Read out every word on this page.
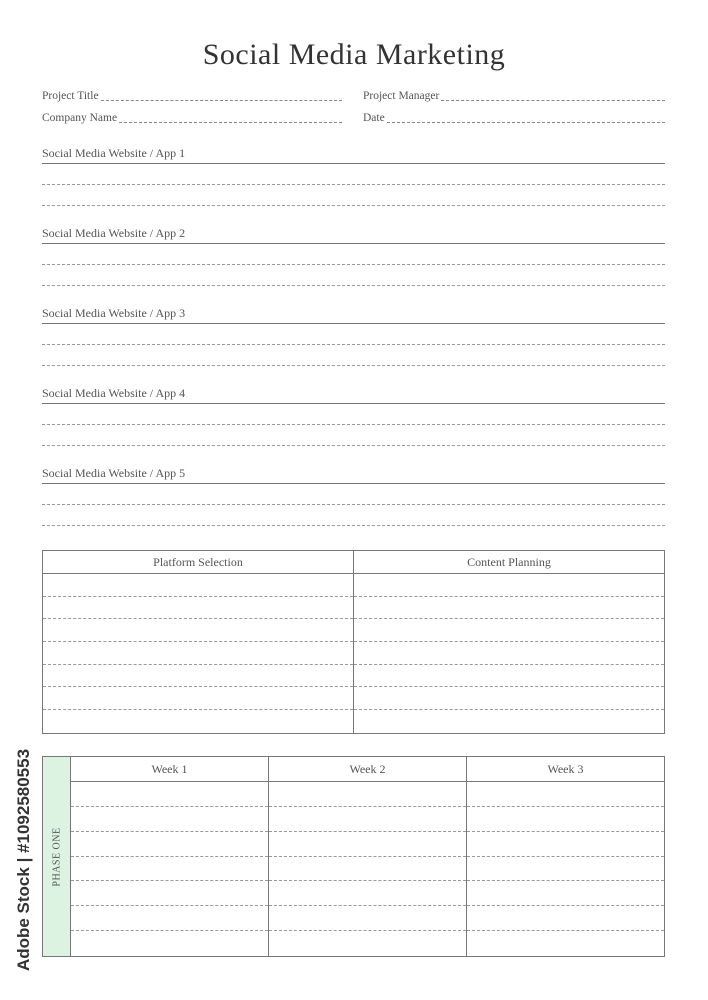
Social Media Marketing
Project Title	Project Manager
Company Name	Date
Social Media Website / App 1
Social Media Website / App 2
Social Media Website / App 3
Social Media Website / App 4
Social Media Website / App 5
Platform Selection	Content Planning
PHASE ONE
Week 1	Week 2	Week 3
Adobe Stock | #1092580553
